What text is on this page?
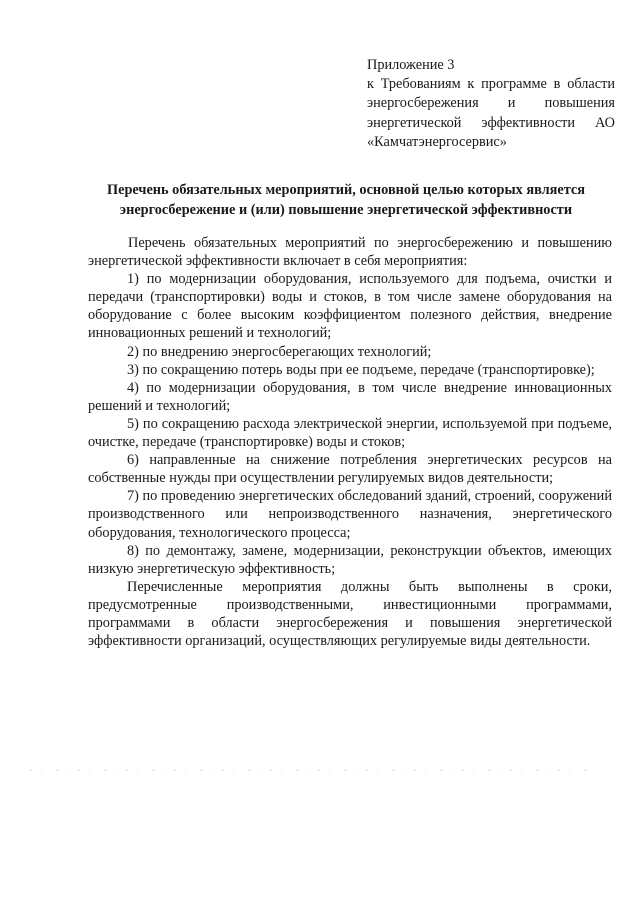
Приложение 3
к Требованиям к программе в области энергосбережения и повышения энергетической эффективности АО «Камчатэнергосервис»
Перечень обязательных мероприятий, основной целью которых является энергосбережение и (или) повышение энергетической эффективности

Перечень обязательных мероприятий по энергосбережению и повышению энергетической эффективности включает в себя мероприятия:

1) по модернизации оборудования, используемого для подъема, очистки и передачи (транспортировки) воды и стоков, в том числе замене оборудования на оборудование с более высоким коэффициентом полезного действия, внедрение инновационных решений и технологий;

2) по внедрению энергосберегающих технологий;

3) по сокращению потерь воды при ее подъеме, передаче (транспортировке);

4) по модернизации оборудования, в том числе внедрение инновационных решений и технологий;

5) по сокращению расхода электрической энергии, используемой при подъеме, очистке, передаче (транспортировке) воды и стоков;

6) направленные на снижение потребления энергетических ресурсов на собственные нужды при осуществлении регулируемых видов деятельности;

7) по проведению энергетических обследований зданий, строений, сооружений производственного или непроизводственного назначения, энергетического оборудования, технологического процесса;

8) по демонтажу, замене, модернизации, реконструкции объектов, имеющих низкую энергетическую эффективность;

Перечисленные мероприятия должны быть выполнены в сроки, предусмотренные производственными, инвестиционными программами, программами в области энергосбережения и повышения энергетической эффективности организаций, осуществляющих регулируемые виды деятельности.
